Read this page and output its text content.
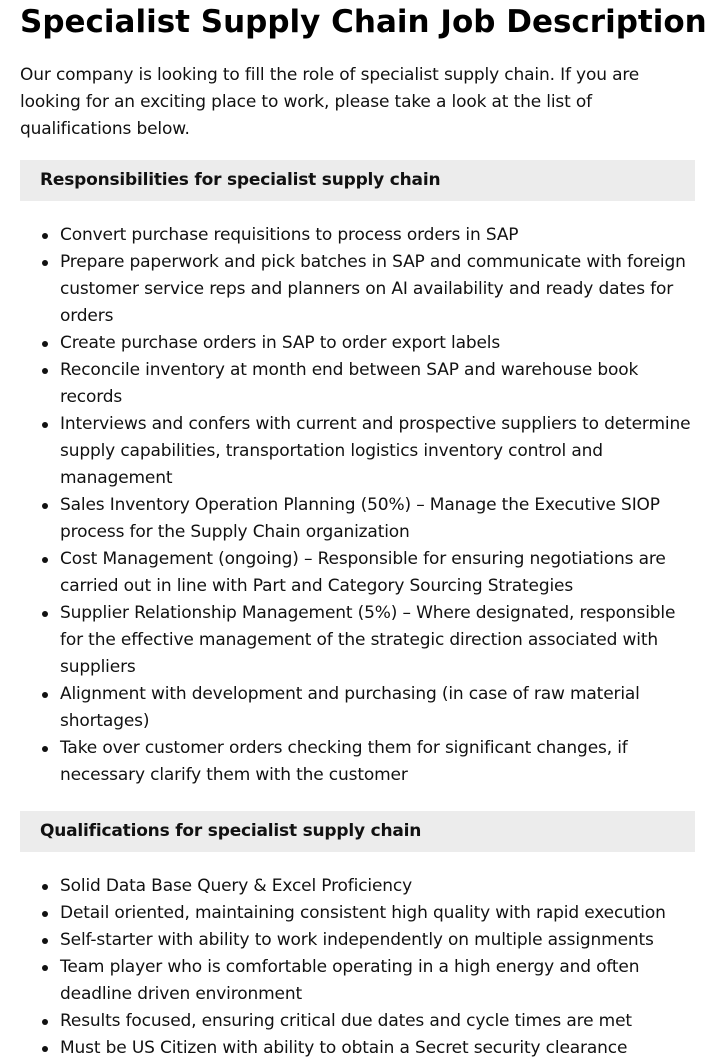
Specialist Supply Chain Job Description

Our company is looking to fill the role of specialist supply chain. If you are looking for an exciting place to work, please take a look at the list of qualifications below.

Responsibilities for specialist supply chain
Convert purchase requisitions to process orders in SAP
Prepare paperwork and pick batches in SAP and communicate with foreign customer service reps and planners on AI availability and ready dates for orders
Create purchase orders in SAP to order export labels
Reconcile inventory at month end between SAP and warehouse book records
Interviews and confers with current and prospective suppliers to determine supply capabilities, transportation logistics inventory control and management
Sales Inventory Operation Planning (50%) – Manage the Executive SIOP process for the Supply Chain organization
Cost Management (ongoing) – Responsible for ensuring negotiations are carried out in line with Part and Category Sourcing Strategies
Supplier Relationship Management (5%) – Where designated, responsible for the effective management of the strategic direction associated with suppliers
Alignment with development and purchasing (in case of raw material shortages)
Take over customer orders checking them for significant changes, if necessary clarify them with the customer
Qualifications for specialist supply chain
Solid Data Base Query & Excel Proficiency
Detail oriented, maintaining consistent high quality with rapid execution
Self-starter with ability to work independently on multiple assignments
Team player who is comfortable operating in a high energy and often deadline driven environment
Results focused, ensuring critical due dates and cycle times are met
Must be US Citizen with ability to obtain a Secret security clearance
